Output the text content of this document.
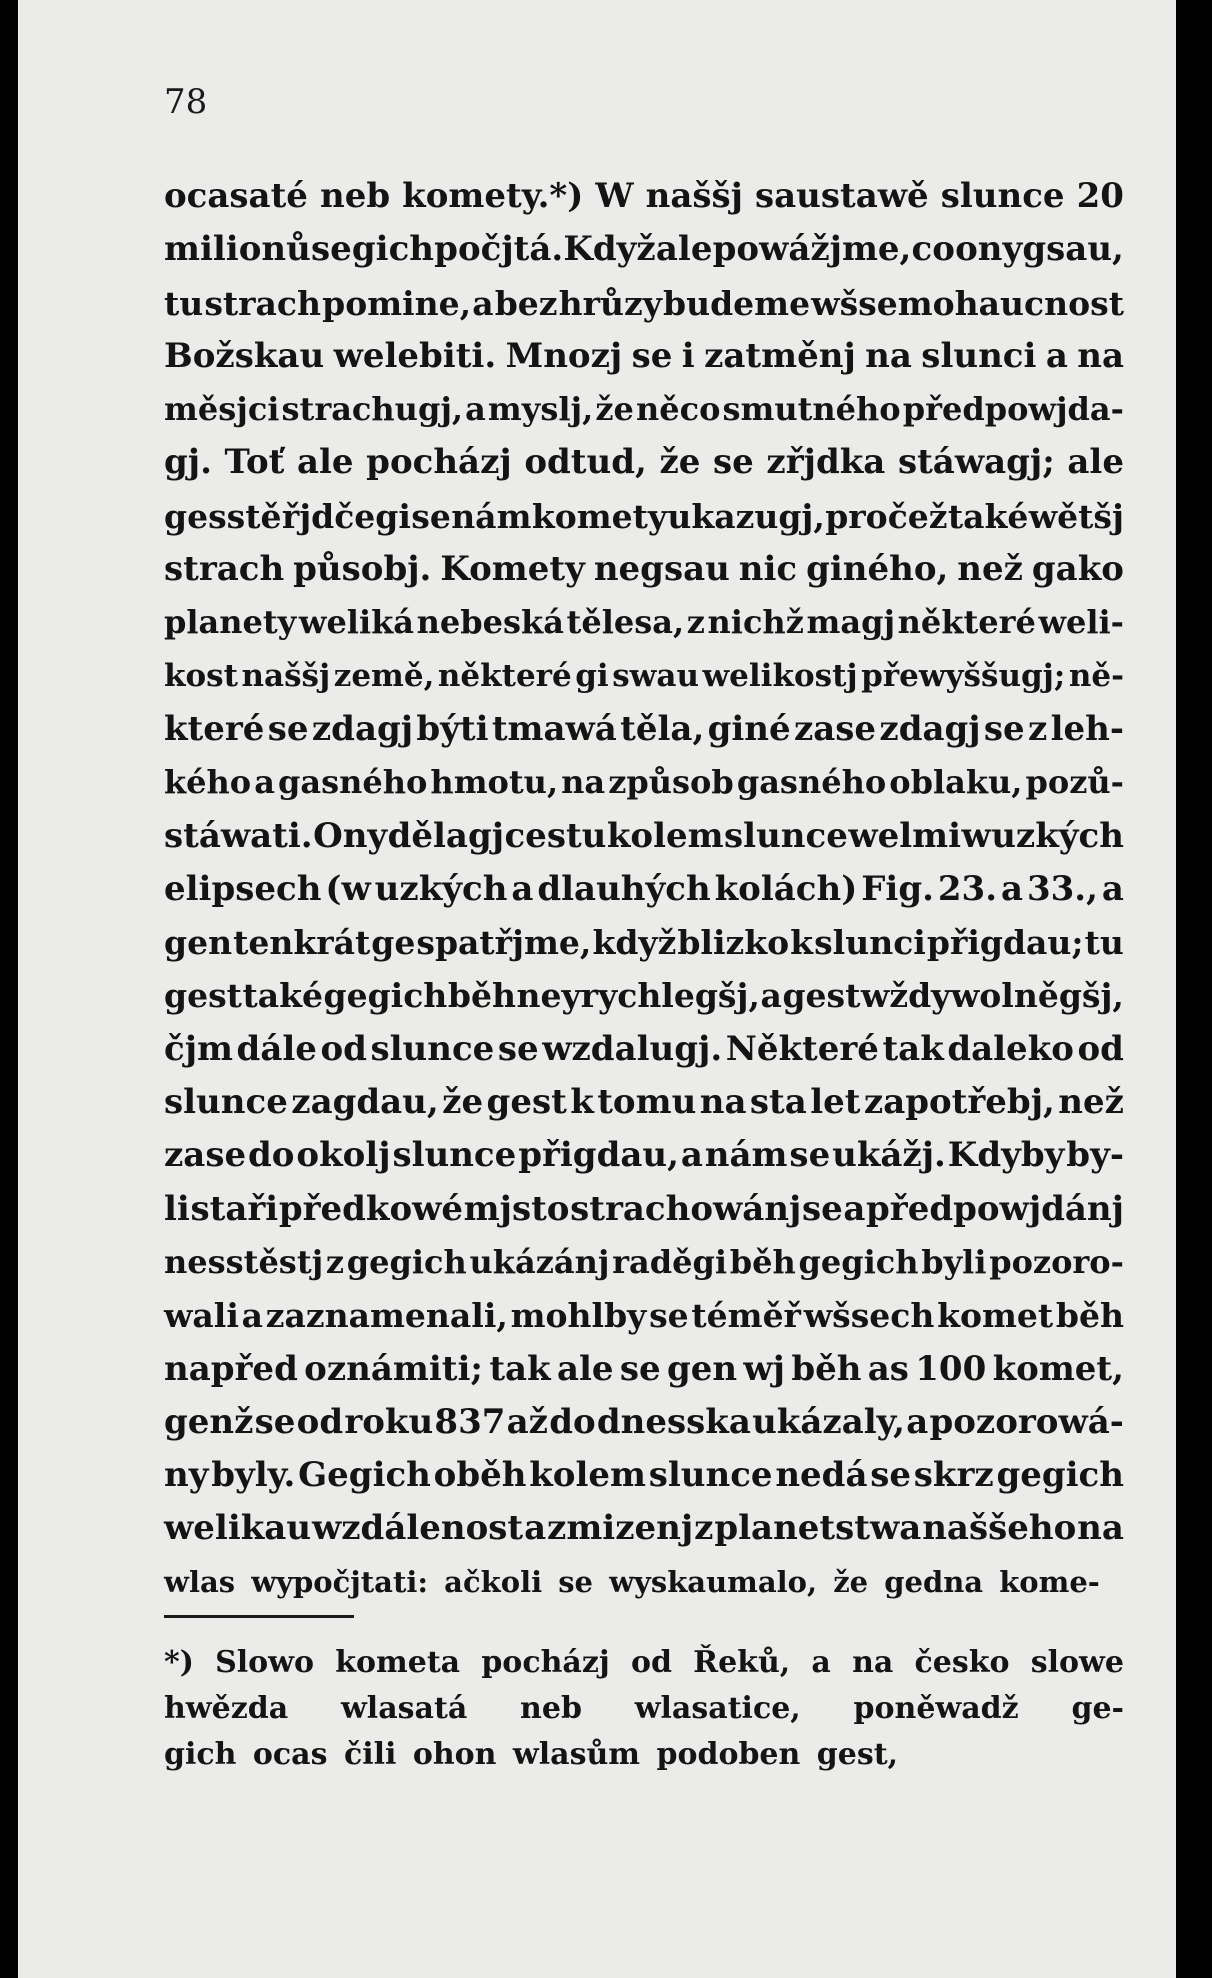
78
ocasaté neb komety.*) W naššj saustawě slunce 20
milionů se gich počjtá. Když ale powážjme, co ony gsau,
tu strach pomine, a bez hrůzy budeme wšsemohaucnost
Božskau welebiti. Mnozj se i zatměnj na slunci a na
měsjci strachugj, a myslj, že něco smutného předpowjda-
gj. Toť ale pocházj odtud, že se zřjdka stáwagj; ale
gesstě řjdčegi se nám komety ukazugj, pročež také wětšj
strach působj. Komety negsau nic giného, než gako
planety weliká nebeská tělesa, z nichž magj některé weli-
kost naššj země, některé gi swau welikostj přewyššugj; ně-
které se zdagj býti tmawá těla, giné zase zdagj se z leh-
kého a gasného hmotu, na způsob gasného oblaku, pozů-
stáwati. Ony dělagj cestu kolem slunce welmi w uzkých
elipsech (w uzkých a dlauhých kolách) Fig. 23. a 33., a
gen tenkrát ge spatřjme, když blizko k slunci přigdau; tu
gest také gegich běh neyrychlegšj, a gest wždy wolněgšj,
čjm dále od slunce se wzdalugj. Některé tak daleko od
slunce zagdau, že gest k tomu na sta let zapotřebj, než
zase do okolj slunce přigdau, a nám se ukážj. Kdyby by-
li staři předkowé mjsto strachowánj se a předpowjdánj
nesstěstj z gegich ukázánj raděgi běh gegich byli pozoro-
wali a zaznamenali, mohlby se téměř wšsech komet běh
napřed oznámiti; tak ale se gen wj běh as 100 komet,
genž se od roku 837 až do dnesska ukázaly, a pozorowá-
ny byly. Gegich oběh kolem slunce nedá se skrz gegich
welikau wzdálenost a zmizenj z planetstwa naššeho na
wlas wypočjtati: ačkoli se wyskaumalo, že gedna kome-
*) Slowo kometa pocházj od Řeků, a na česko slowe
hwězda wlasatá neb wlasatice, poněwadž ge-
gich ocas čili ohon wlasům podoben gest,
